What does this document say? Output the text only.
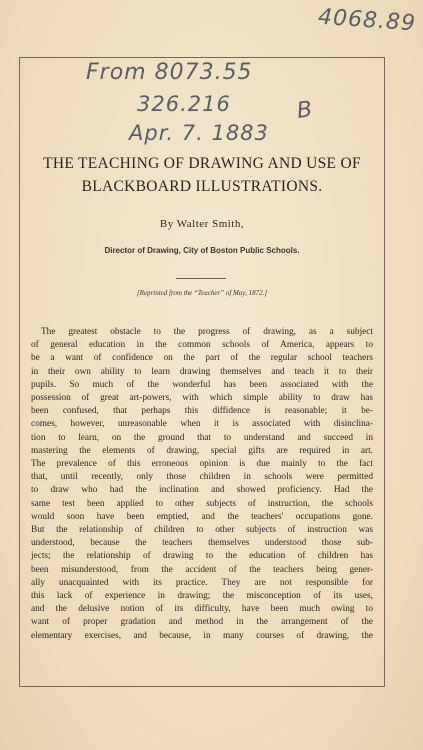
4068.89
From 8073.55
326.216
Apr. 7. 1883
B
THE TEACHING OF DRAWING AND USE OF
BLACKBOARD ILLUSTRATIONS.
By Walter Smith,
Director of Drawing, City of Boston Public Schools.
[Reprinted from the “Teacher” of May, 1872.]
The greatest obstacle to the progress of drawing, as a subject
of general education in the common schools of America, appears to
be a want of confidence on the part of the regular school teachers
in their own ability to learn drawing themselves and teach it to their
pupils. So much of the wonderful has been associated with the
possession of great art-powers, with which simple ability to draw has
been confused, that perhaps this diffidence is reasonable; it be-
comes, however, unreasonable when it is associated with disinclina-
tion to learn, on the ground that to understand and succeed in
mastering the elements of drawing, special gifts are required in art.
The prevalence of this erroneous opinion is due mainly to the fact
that, until recently, only those children in schools were permitted
to draw who had the inclination and showed proficiency. Had the
same test been applied to other subjects of instruction, the schools
would soon have been emptied, and the teachers' occupations gone.
But the relationship of children to other subjects of instruction was
understood, because the teachers themselves understood those sub-
jects; the relationship of drawing to the education of children has
been misunderstood, from the accident of the teachers being gener-
ally unacquainted with its practice. They are not responsible for
this lack of experience in drawing; the misconception of its uses,
and the delusive notion of its difficulty, have been much owing to
want of proper gradation and method in the arrangement of the
elementary exercises, and because, in many courses of drawing, the
